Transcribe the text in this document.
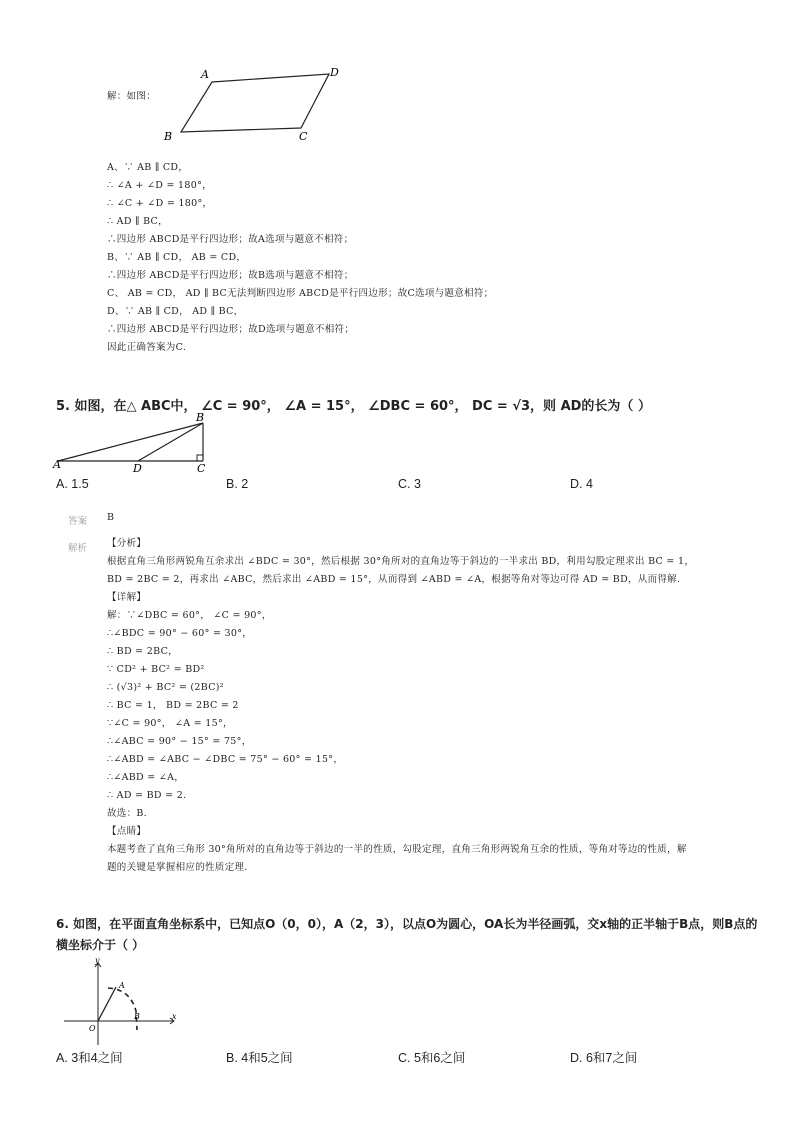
解：如图：
A	D
B	C
A、∵ AB ∥ CD，
∴ ∠A + ∠D = 180°，
∴ ∠C + ∠D = 180°，
∴ AD ∥ BC，
∴四边形 ABCD是平行四边形；故A选项与题意不相符；
B、∵ AB ∥ CD， AB = CD，
∴四边形 ABCD是平行四边形；故B选项与题意不相符；
C、 AB = CD， AD ∥ BC无法判断四边形 ABCD是平行四边形；故C选项与题意相符；
D、∵ AB ∥ CD， AD ∥ BC，
∴四边形 ABCD是平行四边形；故D选项与题意不相符；
因此正确答案为C.
5. 如图，在△ ABC中， ∠C = 90°， ∠A = 15°， ∠DBC = 60°， DC = √3，则 AD的长为（ ）
B
A	D	C
A. 1.5	B. 2	C. 3	D. 4
答案 B
解析 【分析】
根据直角三角形两锐角互余求出 ∠BDC = 30°，然后根据 30°角所对的直角边等于斜边的一半求出 BD，利用勾股定理求出 BC = 1，
BD = 2BC = 2，再求出 ∠ABC，然后求出 ∠ABD = 15°，从而得到 ∠ABD = ∠A，根据等角对等边可得 AD = BD，从而得解.
【详解】
解：∵∠DBC = 60°， ∠C = 90°，
∴∠BDC = 90° − 60° = 30°，
∴ BD = 2BC，
∵ CD² + BC² = BD²
∴ (√3)² + BC² = (2BC)²
∴ BC = 1， BD = 2BC = 2
∵∠C = 90°， ∠A = 15°，
∴∠ABC = 90° − 15° = 75°，
∴∠ABD = ∠ABC − ∠DBC = 75° − 60° = 15°，
∴∠ABD = ∠A，
∴ AD = BD = 2.
故选：B.
【点睛】
本题考查了直角三角形 30°角所对的直角边等于斜边的一半的性质，勾股定理，直角三角形两锐角互余的性质，等角对等边的性质，解
题的关键是掌握相应的性质定理.
6. 如图，在平面直角坐标系中，已知点O（0，0），A（2，3），以点O为圆心，OA长为半径画弧，交x轴的正半轴于B点，则B点的
横坐标介于（ ）
y
x
O
A
B
A. 3和4之间	B. 4和5之间	C. 5和6之间	D. 6和7之间
